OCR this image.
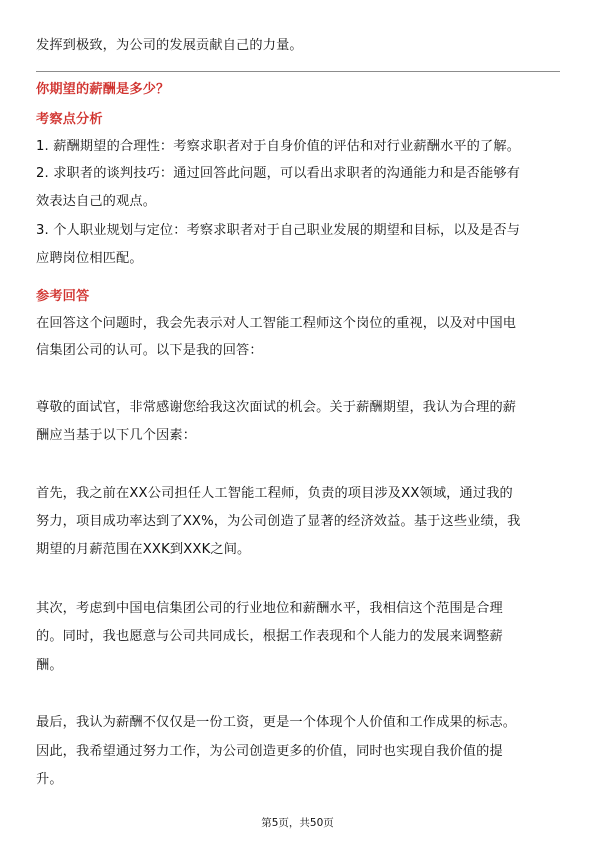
发挥到极致，为公司的发展贡献自己的力量。
你期望的薪酬是多少？
考察点分析
1. 薪酬期望的合理性：考察求职者对于自身价值的评估和对行业薪酬水平的了解。
2. 求职者的谈判技巧：通过回答此问题，可以看出求职者的沟通能力和是否能够有
效表达自己的观点。
3. 个人职业规划与定位：考察求职者对于自己职业发展的期望和目标，以及是否与
应聘岗位相匹配。
参考回答
在回答这个问题时，我会先表示对人工智能工程师这个岗位的重视，以及对中国电
信集团公司的认可。以下是我的回答：
尊敬的面试官，非常感谢您给我这次面试的机会。关于薪酬期望，我认为合理的薪
酬应当基于以下几个因素：
首先，我之前在XX公司担任人工智能工程师，负责的项目涉及XX领域，通过我的
努力，项目成功率达到了XX%，为公司创造了显著的经济效益。基于这些业绩，我
期望的月薪范围在XXK到XXK之间。
其次，考虑到中国电信集团公司的行业地位和薪酬水平，我相信这个范围是合理
的。同时，我也愿意与公司共同成长，根据工作表现和个人能力的发展来调整薪
酬。
最后，我认为薪酬不仅仅是一份工资，更是一个体现个人价值和工作成果的标志。
因此，我希望通过努力工作，为公司创造更多的价值，同时也实现自我价值的提
升。
第5页，共50页
